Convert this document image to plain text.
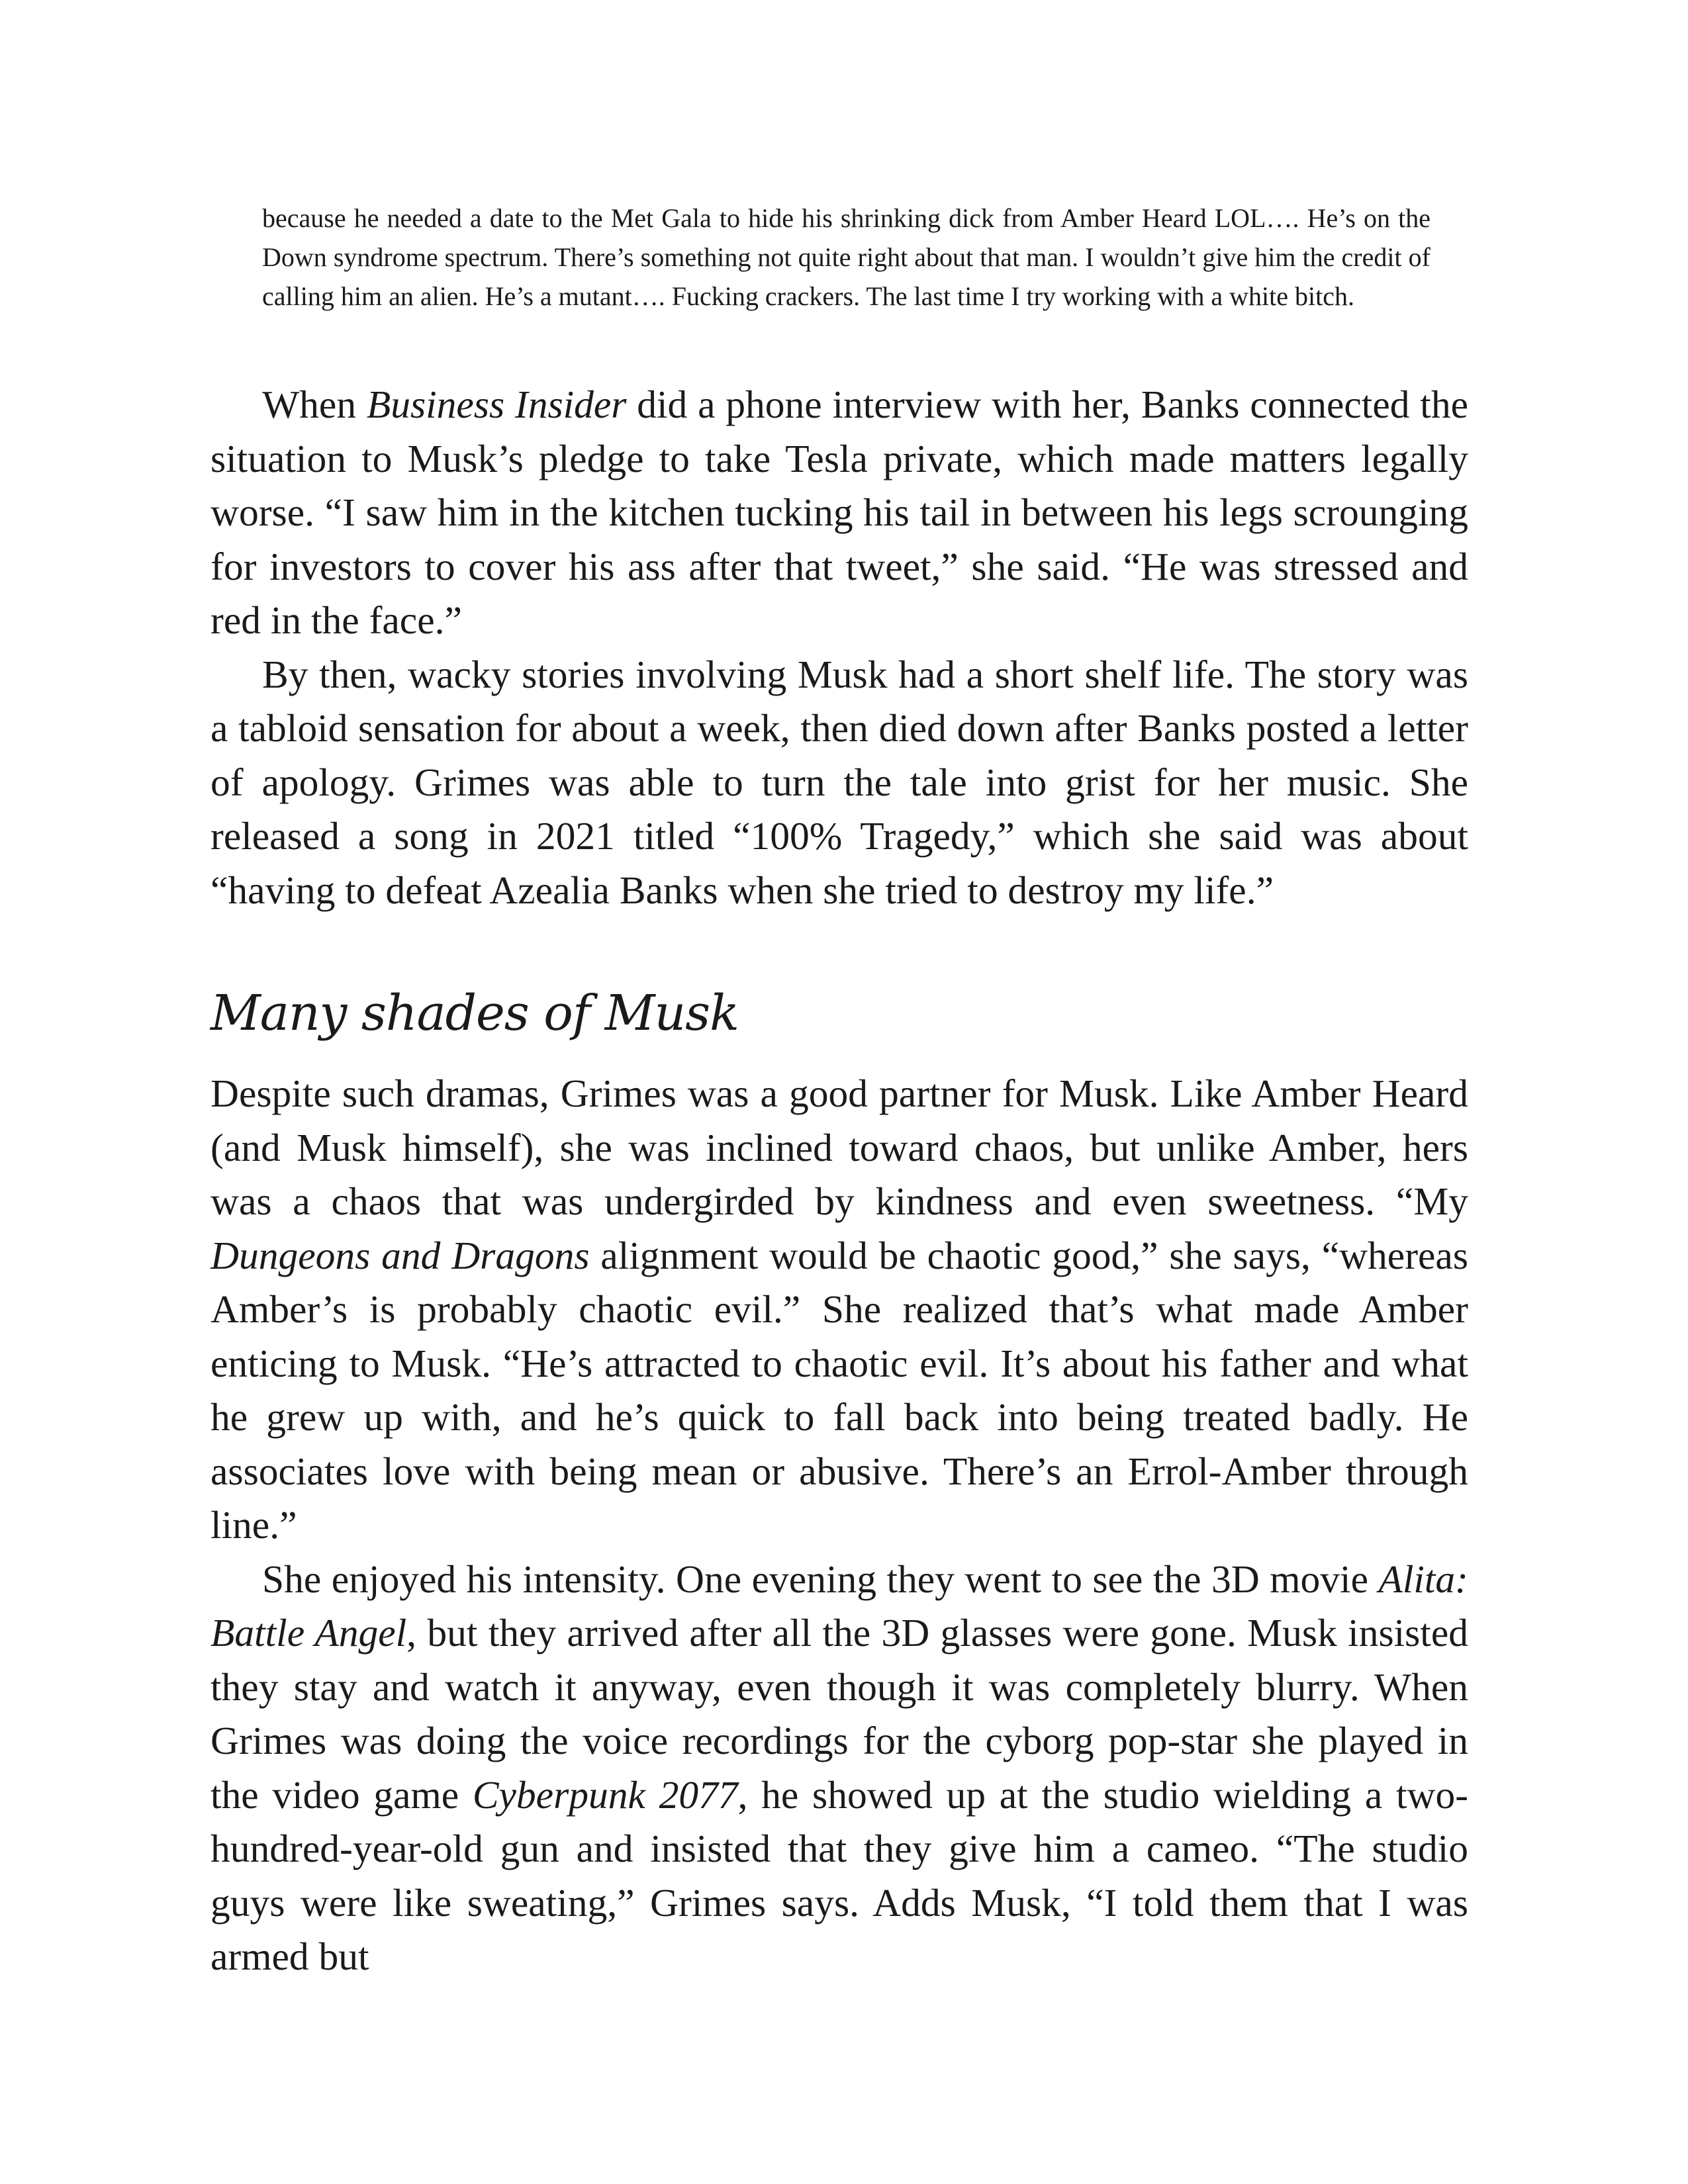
because he needed a date to the Met Gala to hide his shrinking dick from Amber Heard LOL…. He’s on the Down syndrome spectrum. There’s something not quite right about that man. I wouldn’t give him the credit of calling him an alien. He’s a mutant…. Fucking crackers. The last time I try working with a white bitch.

When Business Insider did a phone interview with her, Banks connected the situation to Musk’s pledge to take Tesla private, which made matters legally worse. “I saw him in the kitchen tucking his tail in between his legs scrounging for investors to cover his ass after that tweet,” she said. “He was stressed and red in the face.”

By then, wacky stories involving Musk had a short shelf life. The story was a tabloid sensation for about a week, then died down after Banks posted a letter of apology. Grimes was able to turn the tale into grist for her music. She released a song in 2021 titled “100% Tragedy,” which she said was about “having to defeat Azealia Banks when she tried to destroy my life.”

Many shades of Musk

Despite such dramas, Grimes was a good partner for Musk. Like Amber Heard (and Musk himself), she was inclined toward chaos, but unlike Amber, hers was a chaos that was undergirded by kindness and even sweetness. “My Dungeons and Dragons alignment would be chaotic good,” she says, “whereas Amber’s is probably chaotic evil.” She realized that’s what made Amber enticing to Musk. “He’s attracted to chaotic evil. It’s about his father and what he grew up with, and he’s quick to fall back into being treated badly. He associates love with being mean or abusive. There’s an Errol-Amber through line.”

She enjoyed his intensity. One evening they went to see the 3D movie Alita: Battle Angel, but they arrived after all the 3D glasses were gone. Musk insisted they stay and watch it anyway, even though it was completely blurry. When Grimes was doing the voice recordings for the cyborg pop-star she played in the video game Cyberpunk 2077, he showed up at the studio wielding a two-hundred-year-old gun and insisted that they give him a cameo. “The studio guys were like sweating,” Grimes says. Adds Musk, “I told them that I was armed but
